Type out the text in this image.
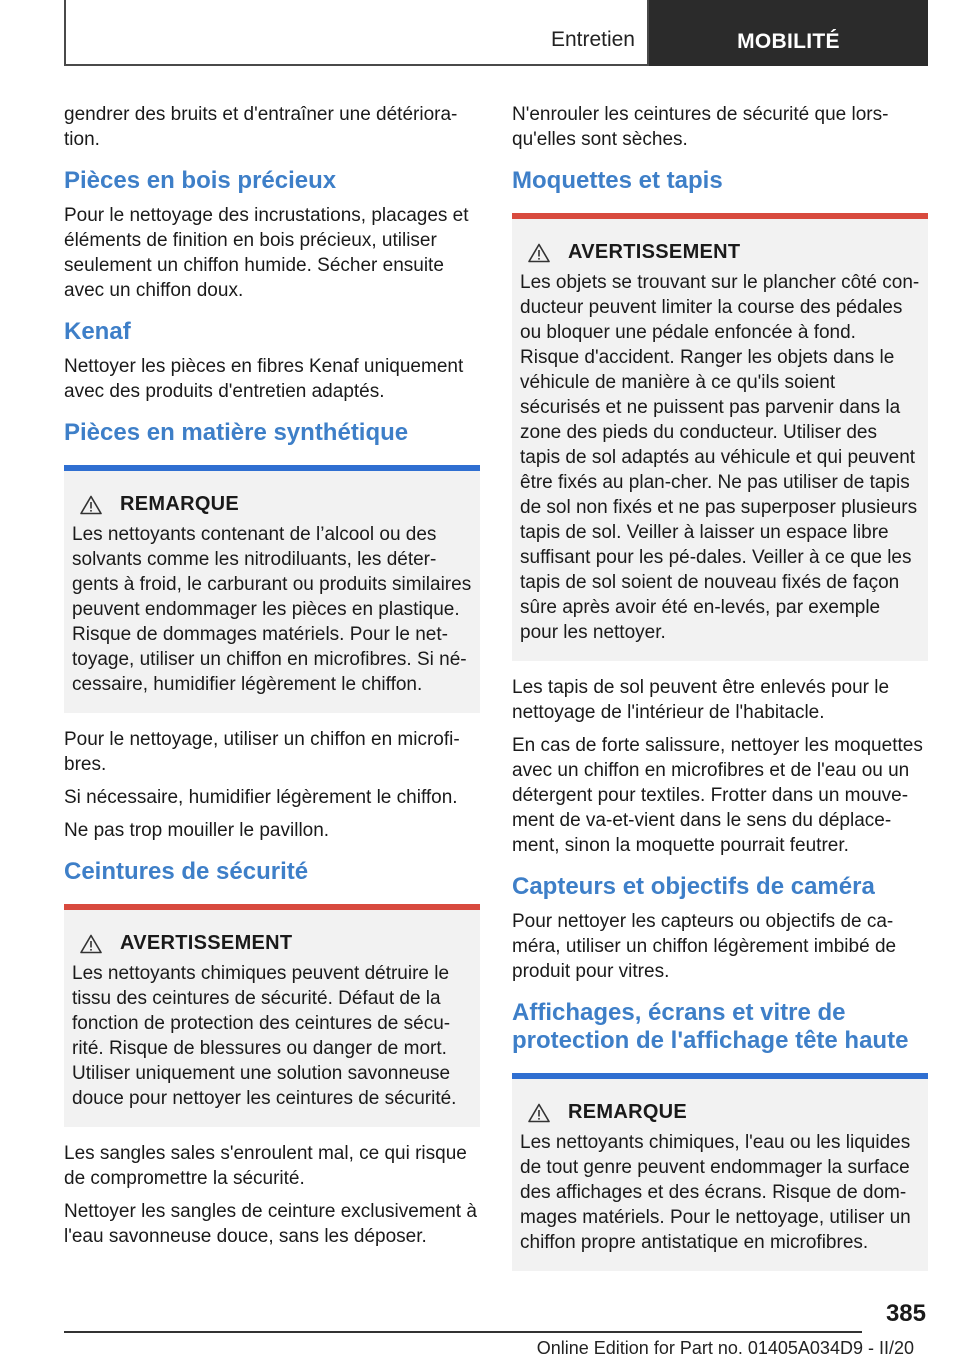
Entretien	MOBILITÉ

gendrer des bruits et d'entraîner une détériora-tion.

Pièces en bois précieux

Pour le nettoyage des incrustations, placages et éléments de finition en bois précieux, utiliser seulement un chiffon humide. Sécher ensuite avec un chiffon doux.

Kenaf

Nettoyer les pièces en fibres Kenaf uniquement avec des produits d'entretien adaptés.

Pièces en matière synthétique
REMARQUE

Les nettoyants contenant de l’alcool ou des solvants comme les nitrodiluants, les déter-gents à froid, le carburant ou produits similaires peuvent endommager les pièces en plastique. Risque de dommages matériels. Pour le net-toyage, utiliser un chiffon en microfibres. Si né-cessaire, humidifier légèrement le chiffon.

Pour le nettoyage, utiliser un chiffon en microfi-bres.

Si nécessaire, humidifier légèrement le chiffon.

Ne pas trop mouiller le pavillon.

Ceintures de sécurité
AVERTISSEMENT

Les nettoyants chimiques peuvent détruire le tissu des ceintures de sécurité. Défaut de la fonction de protection des ceintures de sécu-rité. Risque de blessures ou danger de mort. Utiliser uniquement une solution savonneuse douce pour nettoyer les ceintures de sécurité.

Les sangles sales s'enroulent mal, ce qui risque de compromettre la sécurité.

Nettoyer les sangles de ceinture exclusivement à l'eau savonneuse douce, sans les déposer.

N'enrouler les ceintures de sécurité que lors-qu'elles sont sèches.

Moquettes et tapis
AVERTISSEMENT

Les objets se trouvant sur le plancher côté con-ducteur peuvent limiter la course des pédales ou bloquer une pédale enfoncée à fond. Risque d'accident. Ranger les objets dans le véhicule de manière à ce qu'ils soient sécurisés et ne puissent pas parvenir dans la zone des pieds du conducteur. Utiliser des tapis de sol adaptés au véhicule et qui peuvent être fixés au plan-cher. Ne pas utiliser de tapis de sol non fixés et ne pas superposer plusieurs tapis de sol. Veiller à laisser un espace libre suffisant pour les pé-dales. Veiller à ce que les tapis de sol soient de nouveau fixés de façon sûre après avoir été en-levés, par exemple pour les nettoyer.

Les tapis de sol peuvent être enlevés pour le nettoyage de l'intérieur de l'habitacle.

En cas de forte salissure, nettoyer les moquettes avec un chiffon en microfibres et de l'eau ou un détergent pour textiles. Frotter dans un mouve-ment de va-et-vient dans le sens du déplace-ment, sinon la moquette pourrait feutrer.

Capteurs et objectifs de caméra

Pour nettoyer les capteurs ou objectifs de ca-méra, utiliser un chiffon légèrement imbibé de produit pour vitres.

Affichages, écrans et vitre de protection de l'affichage tête haute
REMARQUE

Les nettoyants chimiques, l'eau ou les liquides de tout genre peuvent endommager la surface des affichages et des écrans. Risque de dom-mages matériels. Pour le nettoyage, utiliser un chiffon propre antistatique en microfibres.

385
Online Edition for Part no. 01405A034D9 - II/20
